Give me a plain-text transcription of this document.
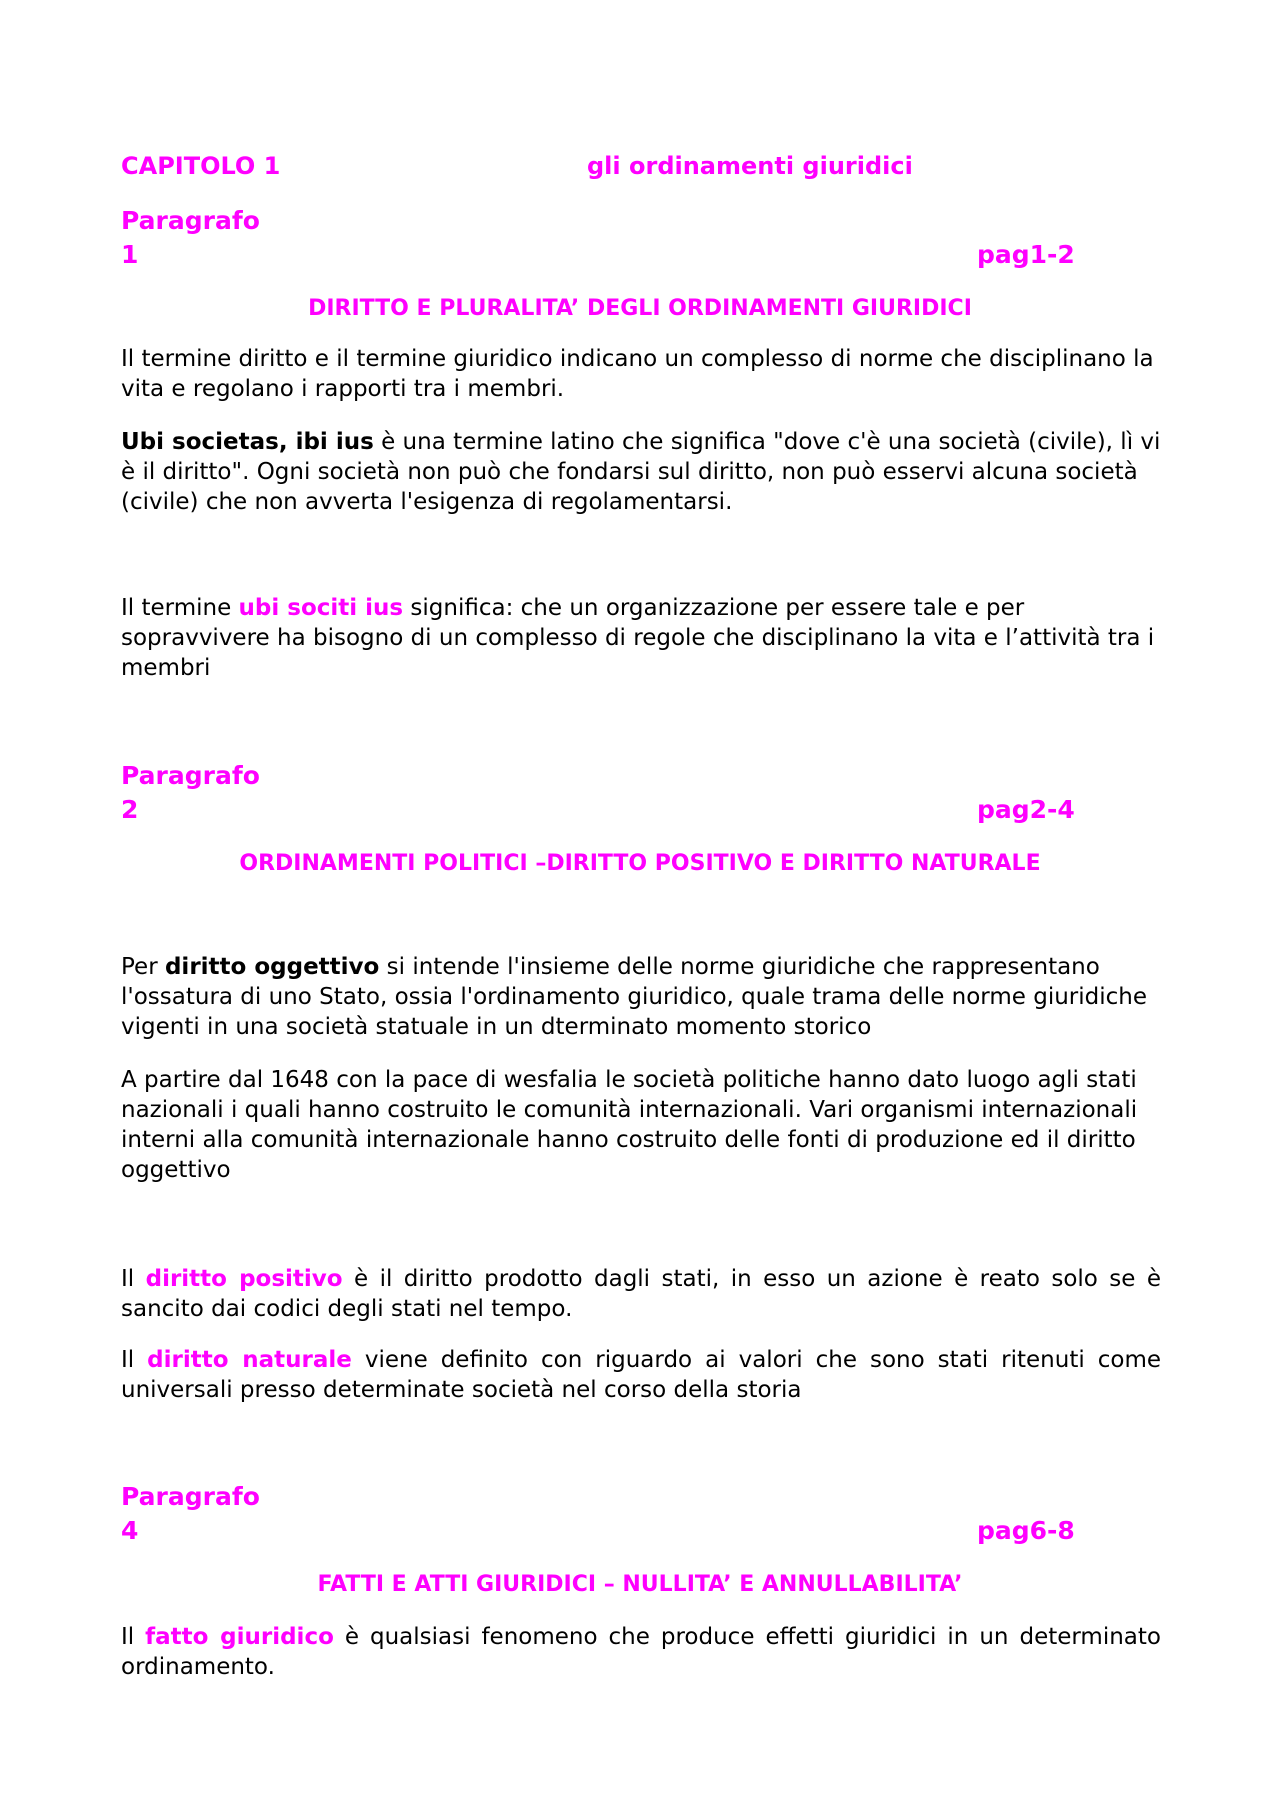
CAPITOLO 1	gli ordinamenti giuridici
Paragrafo
1	pag1-2
DIRITTO E PLURALITA’ DEGLI ORDINAMENTI GIURIDICI

Il termine diritto e il termine giuridico indicano un complesso di norme che disciplinano la vita e regolano i rapporti tra i membri.

Ubi societas, ibi ius è una termine latino che significa "dove c'è una società (civile), lì vi è il diritto". Ogni società non può che fondarsi sul diritto, non può esservi alcuna società (civile) che non avverta l'esigenza di regolamentarsi.

Il termine ubi sociti ius significa: che un organizzazione per essere tale e per sopravvivere ha bisogno di un complesso di regole che disciplinano la vita e l’attività tra i membri

Paragrafo
2	pag2-4
ORDINAMENTI POLITICI –DIRITTO POSITIVO E DIRITTO NATURALE

Per diritto oggettivo si intende l'insieme delle norme giuridiche che rappresentano l'ossatura di uno Stato, ossia l'ordinamento giuridico, quale trama delle norme giuridiche vigenti in una società statuale in un dterminato momento storico

A partire dal 1648 con la pace di wesfalia le società politiche hanno dato luogo agli stati nazionali i quali hanno costruito le comunità internazionali. Vari organismi internazionali interni alla comunità internazionale hanno costruito delle fonti di produzione ed il diritto oggettivo

Il diritto positivo è il diritto prodotto dagli stati, in esso un azione è reato solo se è sancito dai codici degli stati nel tempo.

Il diritto naturale viene definito con riguardo ai valori che sono stati ritenuti come universali presso determinate società nel corso della storia

Paragrafo
4	pag6-8
FATTI E ATTI GIURIDICI – NULLITA’ E ANNULLABILITA’

Il fatto giuridico è qualsiasi fenomeno che produce effetti giuridici in un determinato ordinamento.
